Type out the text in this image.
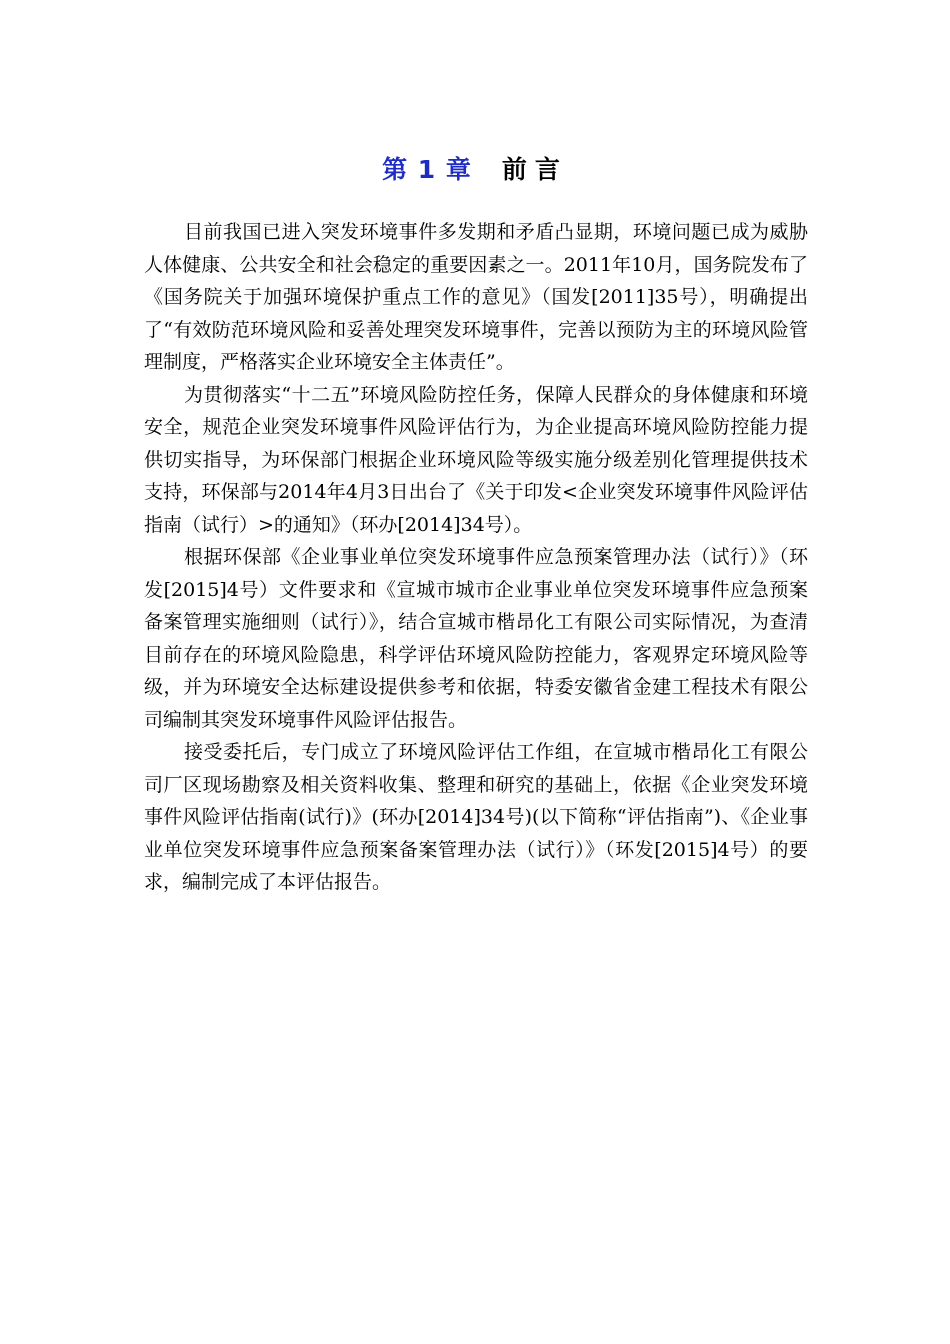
第 1 章 前言

目前我国已进入突发环境事件多发期和矛盾凸显期，环境问题已成为威胁人体健康、公共安全和社会稳定的重要因素之一。2011年10月，国务院发布了《国务院关于加强环境保护重点工作的意见》（国发[2011]35号），明确提出了“有效防范环境风险和妥善处理突发环境事件，完善以预防为主的环境风险管理制度，严格落实企业环境安全主体责任”。

为贯彻落实“十二五”环境风险防控任务，保障人民群众的身体健康和环境安全，规范企业突发环境事件风险评估行为，为企业提高环境风险防控能力提供切实指导，为环保部门根据企业环境风险等级实施分级差别化管理提供技术支持，环保部与2014年4月3日出台了《关于印发<企业突发环境事件风险评估指南（试行）>的通知》（环办[2014]34号）。

根据环保部《企业事业单位突发环境事件应急预案管理办法（试行）》（环发[2015]4号）文件要求和《宣城市城市企业事业单位突发环境事件应急预案备案管理实施细则（试行）》，结合宣城市楷昂化工有限公司实际情况，为查清目前存在的环境风险隐患，科学评估环境风险防控能力，客观界定环境风险等级，并为环境安全达标建设提供参考和依据，特委安徽省金建工程技术有限公司编制其突发环境事件风险评估报告。

接受委托后，专门成立了环境风险评估工作组，在宣城市楷昂化工有限公司厂区现场勘察及相关资料收集、整理和研究的基础上，依据《企业突发环境事件风险评估指南(试行)》(环办[2014]34号)(以下简称“评估指南”)、《企业事业单位突发环境事件应急预案备案管理办法（试行）》（环发[2015]4号）的要求，编制完成了本评估报告。
